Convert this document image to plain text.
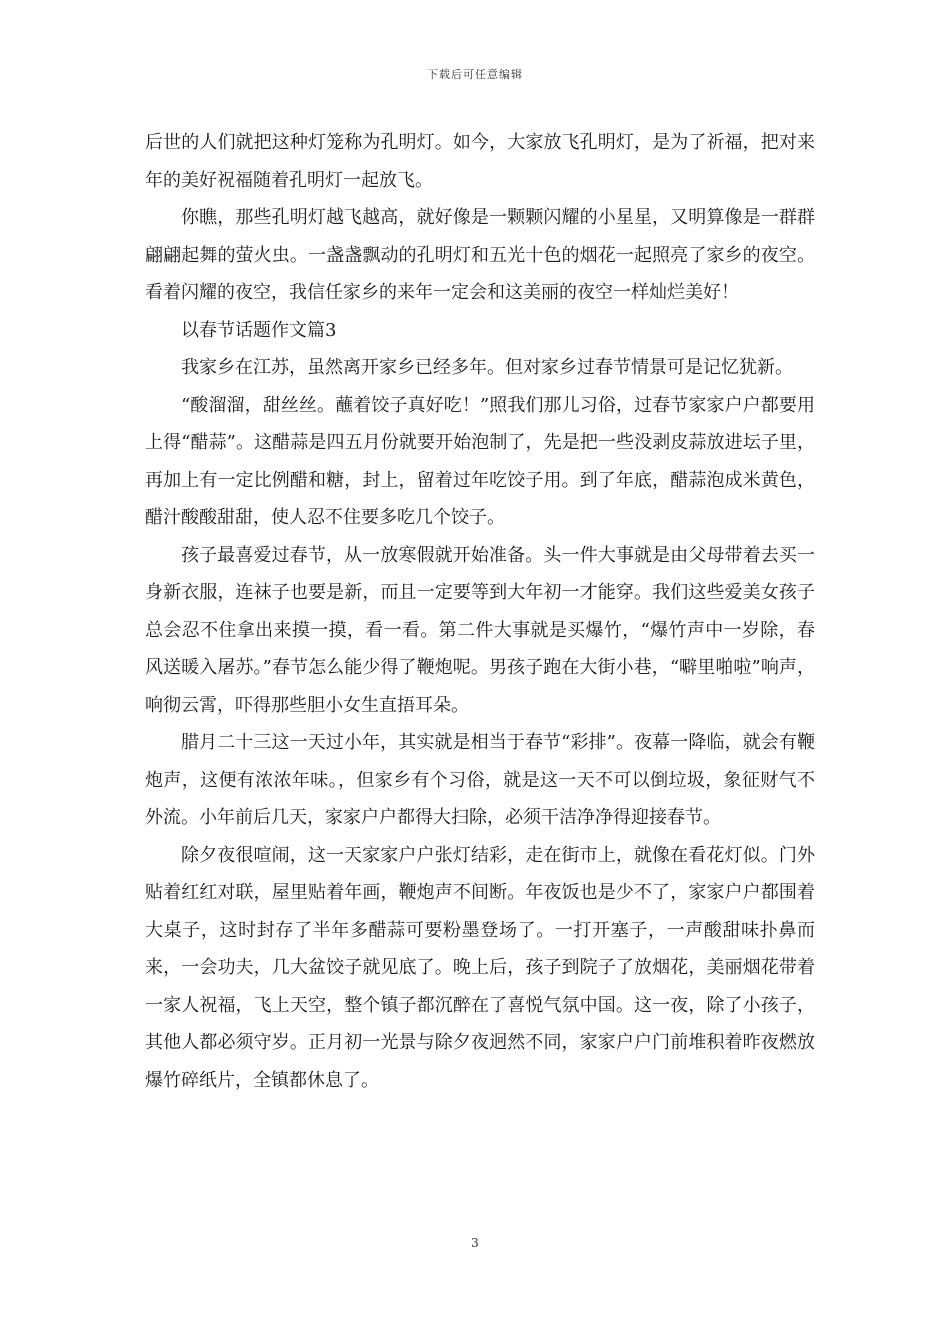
下载后可任意编辑

后世的人们就把这种灯笼称为孔明灯。如今，大家放飞孔明灯，是为了祈福，把对来年的美好祝福随着孔明灯一起放飞。

你瞧，那些孔明灯越飞越高，就好像是一颗颗闪耀的小星星，又明算像是一群群翩翩起舞的萤火虫。一盏盏飘动的孔明灯和五光十色的烟花一起照亮了家乡的夜空。看着闪耀的夜空，我信任家乡的来年一定会和这美丽的夜空一样灿烂美好！

以春节话题作文篇3

我家乡在江苏，虽然离开家乡已经多年。但对家乡过春节情景可是记忆犹新。

“酸溜溜，甜丝丝。蘸着饺子真好吃！”照我们那儿习俗，过春节家家户户都要用上得“醋蒜”。这醋蒜是四五月份就要开始泡制了，先是把一些没剥皮蒜放进坛子里，再加上有一定比例醋和糖，封上，留着过年吃饺子用。到了年底，醋蒜泡成米黄色，醋汁酸酸甜甜，使人忍不住要多吃几个饺子。

孩子最喜爱过春节，从一放寒假就开始准备。头一件大事就是由父母带着去买一身新衣服，连袜子也要是新，而且一定要等到大年初一才能穿。我们这些爱美女孩子总会忍不住拿出来摸一摸，看一看。第二件大事就是买爆竹，“爆竹声中一岁除，春风送暖入屠苏。”春节怎么能少得了鞭炮呢。男孩子跑在大街小巷，“噼里啪啦”响声，响彻云霄，吓得那些胆小女生直捂耳朵。

腊月二十三这一天过小年，其实就是相当于春节“彩排”。夜幕一降临，就会有鞭炮声，这便有浓浓年味。，但家乡有个习俗，就是这一天不可以倒垃圾，象征财气不外流。小年前后几天，家家户户都得大扫除，必须干洁净净得迎接春节。

除夕夜很喧闹，这一天家家户户张灯结彩，走在街市上，就像在看花灯似。门外贴着红红对联，屋里贴着年画，鞭炮声不间断。年夜饭也是少不了，家家户户都围着大桌子，这时封存了半年多醋蒜可要粉墨登场了。一打开塞子，一声酸甜味扑鼻而来，一会功夫，几大盆饺子就见底了。晚上后，孩子到院子了放烟花，美丽烟花带着一家人祝福，飞上天空，整个镇子都沉醉在了喜悦气氛中国。这一夜，除了小孩子，其他人都必须守岁。正月初一光景与除夕夜迥然不同，家家户户门前堆积着昨夜燃放爆竹碎纸片，全镇都休息了。

3
